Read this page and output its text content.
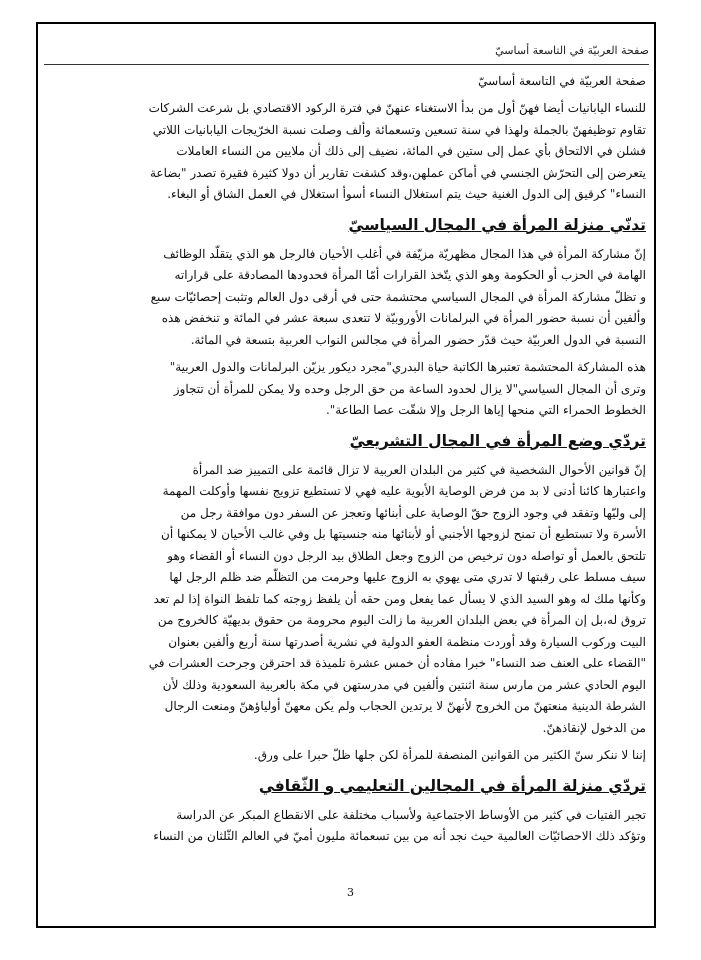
صفحة العربيّة في التاسعة أساسيّ
صفحة العربيّة في التاسعة أساسيّ
للنساء اليابانيات أيضا فهنّ أول من بدأ الاستغناء عنهنّ في فترة الركود الاقتصادي بل شرعت الشركات
تقاوم توظيفهنّ بالجملة ولهذا في سنة تسعين وتسعمائة وألف وصلت نسبة الخرّيجات اليابانيات اللاتي
فشلن في الالتحاق بأي عمل إلى ستين في المائة، نضيف إلى ذلك أن ملايين من النساء العاملات
يتعرضن إلى التحرّش الجنسي في أماكن عملهن،وقد كشفت تقارير أن دولا كثيرة فقيرة تصدر "بضاعة
النساء" كرقيق إلى الدول الغنية حيث يتم استغلال النساء أسوأ استغلال في العمل الشاق أو البغاء.
تدنّي منزلة المرأة في المجال السياسيّ
إنّ مشاركة المرأة في هذا المجال مظهريّة مزيّفة في أغلب الأحيان فالرجل هو الذي يتقلّد الوظائف
الهامة في الحزب أو الحكومة وهو الذي يتّخذ القرارات أمّا المرأة فحدودها المصادقة على قراراته
و تظلّ مشاركة المرأة في المجال السياسي محتشمة حتى في أرقى دول العالم وتثبت إحصائيّات سبع
وألفين أن نسبة حضور المرأة في البرلمانات الأوروبيّة لا تتعدى سبعة عشر في المائة و تنخفض هذه
النسبة في الدول العربيّة حيث قدّر حضور المرأة في مجالس النواب العربية بتسعة في المائة.
هذه المشاركة المحتشمة تعتبرها الكاتبة حياة البدري"مجرد ديكور يزيّن البرلمانات والدول العربية"
وترى أن المجال السياسي"لا يزال لحدود الساعة من حق الرجل وحده ولا يمكن للمرأة أن تتجاوز
الخطوط الحمراء التي منحها إياها الرجل وإلا شقّت عصا الطاعة".
تردّي وضع المرأة في المجال التشريعيّ
إنّ قوانين الأحوال الشخصية في كثير من البلدان العربية لا تزال قائمة على التمييز ضد المرأة
واعتبارها كائنا أدنى لا بد من فرض الوصاية الأبوية عليه فهي لا تستطيع تزويج نفسها وأوكلت المهمة
إلى وليّها وتفقد في وجود الزوج حقّ الوصاية على أبنائها وتعجز عن السفر دون موافقة رجل من
الأسرة ولا تستطيع أن تمنح لزوجها الأجنبي أو لأبنائها منه جنسيتها بل وفي غالب الأحيان لا يمكنها أن
تلتحق بالعمل أو تواصله دون ترخيص من الزوج وجعل الطلاق بيد الرجل دون النساء أو القضاء وهو
سيف مسلط على رقبتها لا تدري متى يهوي به الزوج عليها وحرمت من التظلّم ضد ظلم الرجل لها
وكأنها ملك له وهو السيد الذي لا يسأل عما يفعل ومن حقه أن يلفظ زوجته كما تلفظ النواة إذا لم تعد
تروق له،بل إن المرأة في بعض البلدان العربية ما زالت اليوم محرومة من حقوق بديهيّة كالخروج من
البيت وركوب السيارة وقد أوردت منظمة العفو الدولية في نشرية أصدرتها سنة أربع وألفين بعنوان
"القضاء على العنف ضد النساء" خبرا مفاده أن خمس عشرة تلميذة قد احترقن وجرحت العشرات في
اليوم الحادي عشر من مارس سنة اثنتين وألفين في مدرستهن في مكة بالعربية السعودية وذلك لأن
الشرطة الدينية منعتهنّ من الخروج لأنهنّ لا يرتدين الحجاب ولم يكن معهنّ أولياؤهنّ ومنعت الرجال
من الدخول لإنقاذهنّ.
إننا لا ننكر سنّ الكثير من القوانين المنصفة للمرأة لكن جلها ظلّ حبرا على ورق.
تردّي منزلة المرأة في المجالين التعليمي و الثّقافي
تجبر الفتيات في كثير من الأوساط الاجتماعية ولأسباب مختلفة على الانقطاع المبكر عن الدراسة
وتؤكد ذلك الاحصائيّات العالمية حيث نجد أنه من بين تسعمائة مليون أميّ في العالم الثّلثان من النساء
3
